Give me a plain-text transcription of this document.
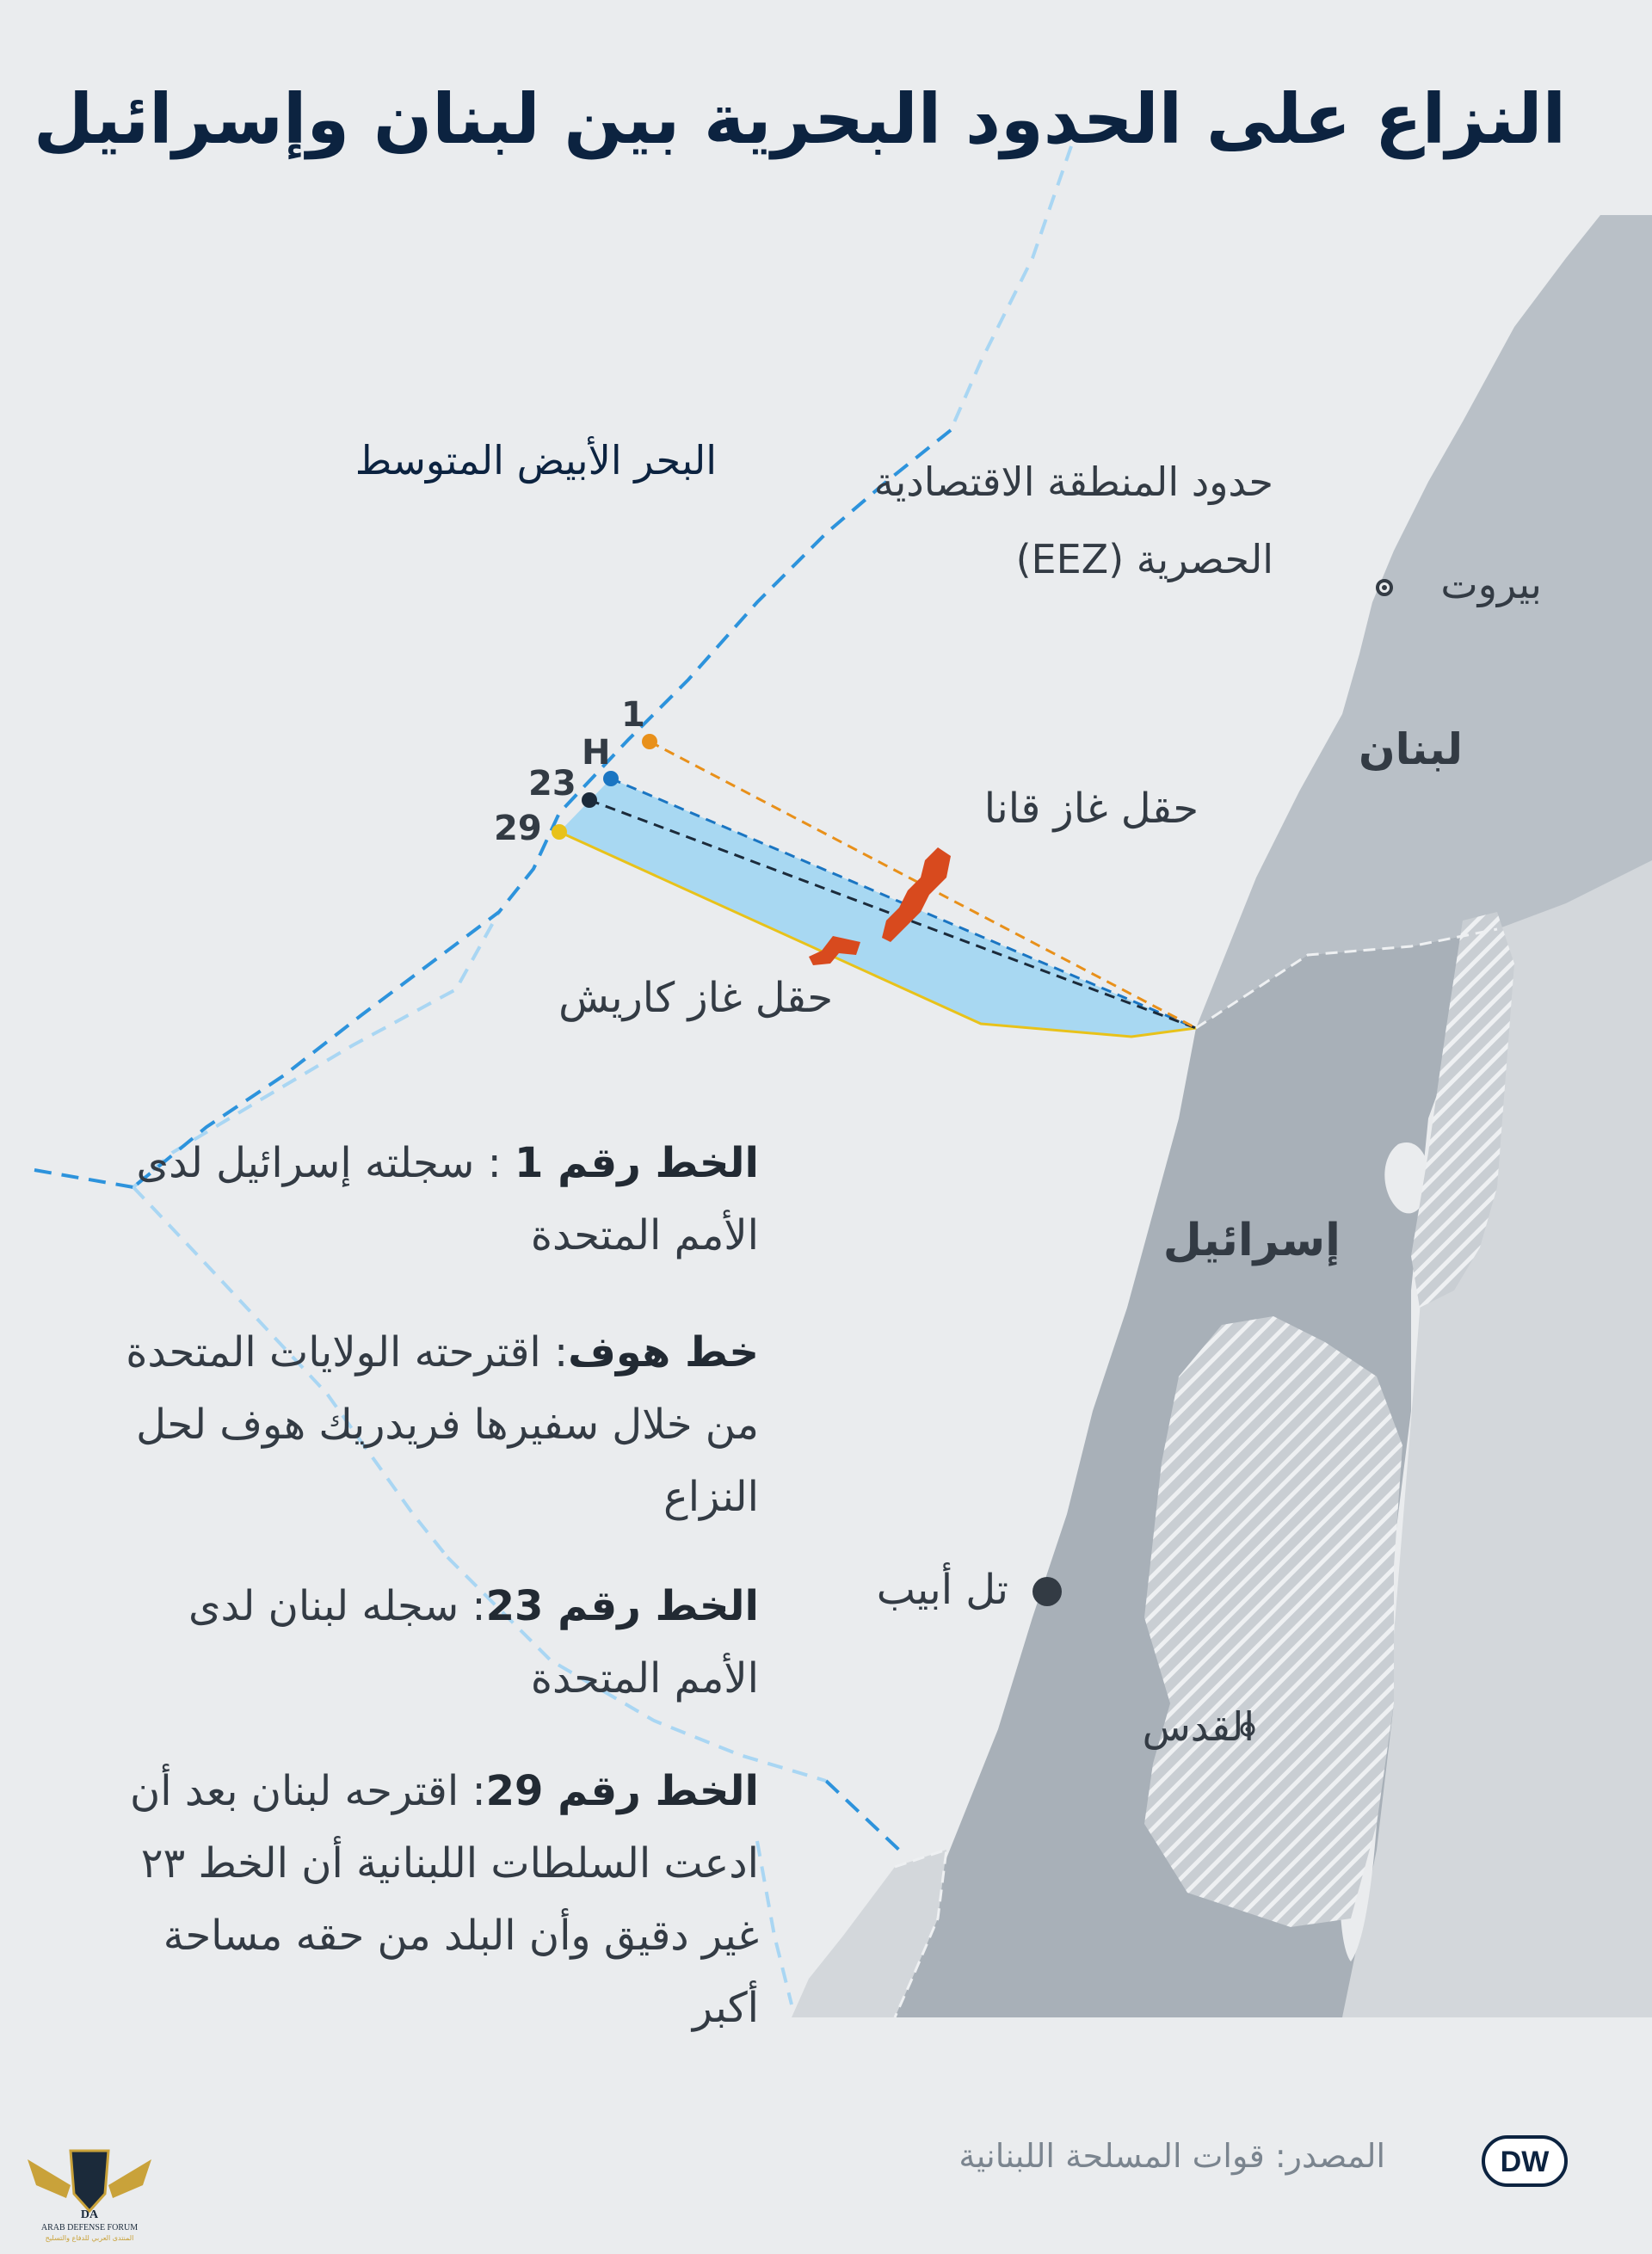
النزاع على الحدود البحرية بين لبنان وإسرائيل
البحر الأبيض المتوسط	حدود المنطقة الاقتصادية الحصرية (EEZ)
بيروت
لبنان
حقل غاز قانا
حقل غاز كاريش
إسرائيل
تل أبيب
القدس
1
H
23
29
الخط رقم 1 : سجلته إسرائيل لدى الأمم المتحدة
خط هوف: اقترحته الولايات المتحدة من خلال سفيرها فريدريك هوف لحل النزاع
الخط رقم 23: سجله لبنان لدى الأمم المتحدة
الخط رقم 29: اقترحه لبنان بعد أن ادعت السلطات اللبنانية أن الخط ٢٣ غير دقيق وأن البلد من حقه مساحة أكبر
المصدر: قوات المسلحة اللبنانية	DW
DA
ARAB DEFENSE FORUM
المنتدى العربي للدفاع والتسليح
